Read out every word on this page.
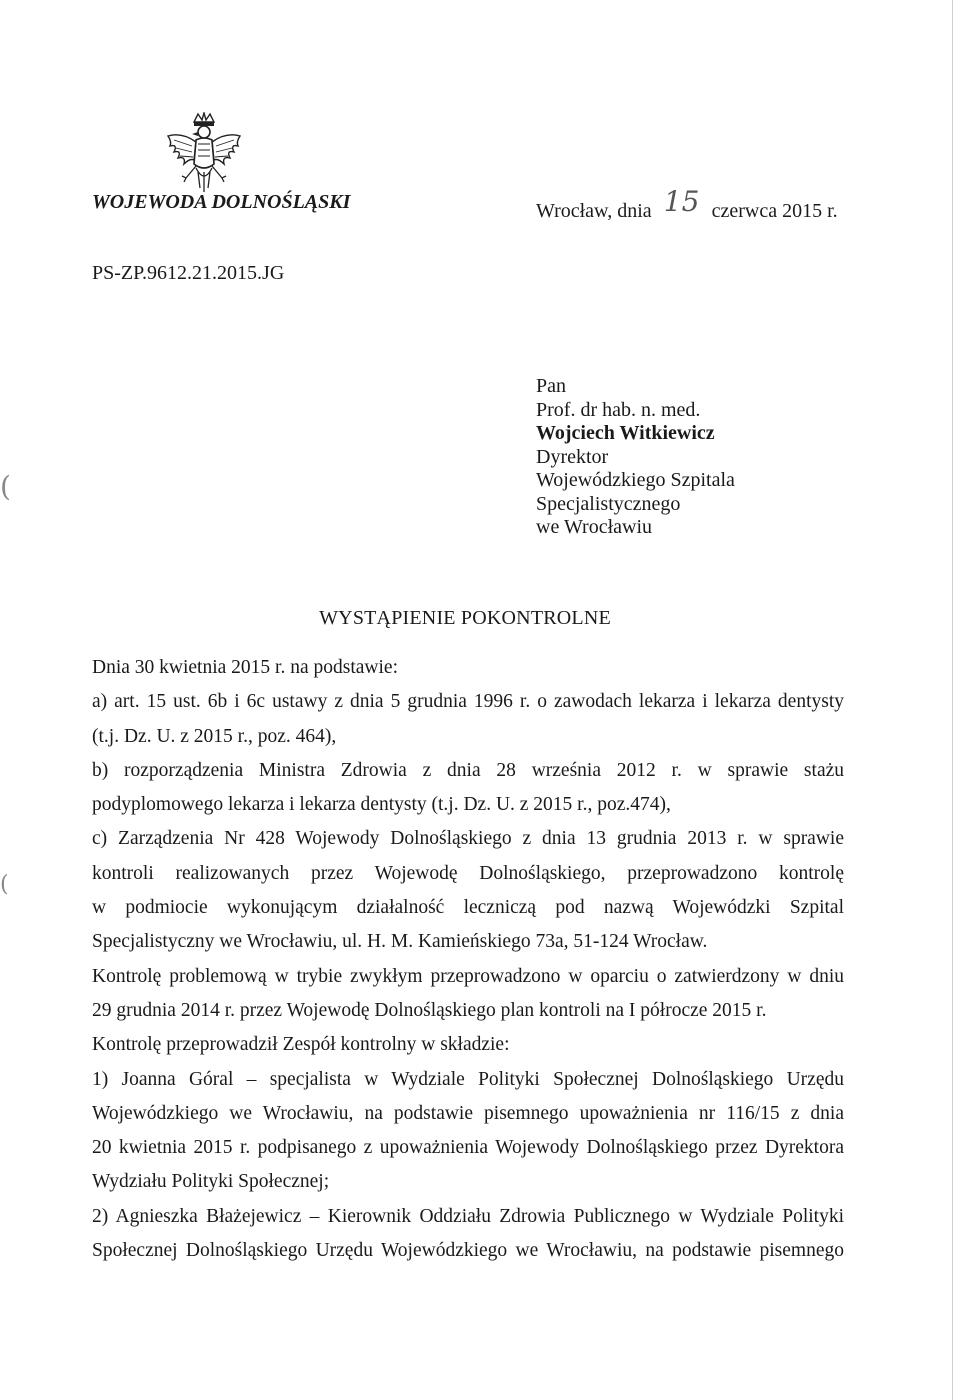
WOJEWODA DOLNOŚLĄSKI	Wrocław, dnia 15 czerwca 2015 r.
PS-ZP.9612.21.2015.JG
Pan
Prof. dr hab. n. med.
Wojciech Witkiewicz
Dyrektor
Wojewódzkiego Szpitala
Specjalistycznego
we Wrocławiu
WYSTĄPIENIE POKONTROLNE

Dnia 30 kwietnia 2015 r. na podstawie:

a) art. 15 ust. 6b i 6c ustawy z dnia 5 grudnia 1996 r. o zawodach lekarza i lekarza dentysty

(t.j. Dz. U. z 2015 r., poz. 464),

b) rozporządzenia Ministra Zdrowia z dnia 28 września 2012 r. w sprawie stażu

podyplomowego lekarza i lekarza dentysty (t.j. Dz. U. z 2015 r., poz.474),

c) Zarządzenia Nr 428 Wojewody Dolnośląskiego z dnia 13 grudnia 2013 r. w sprawie

kontroli realizowanych przez Wojewodę Dolnośląskiego, przeprowadzono kontrolę

w podmiocie wykonującym działalność leczniczą pod nazwą Wojewódzki Szpital

Specjalistyczny we Wrocławiu, ul. H. M. Kamieńskiego 73a, 51-124 Wrocław.

Kontrolę problemową w trybie zwykłym przeprowadzono w oparciu o zatwierdzony w dniu

29 grudnia 2014 r. przez Wojewodę Dolnośląskiego plan kontroli na I półrocze 2015 r.

Kontrolę przeprowadził Zespół kontrolny w składzie:

1) Joanna Góral – specjalista w Wydziale Polityki Społecznej Dolnośląskiego Urzędu

Wojewódzkiego we Wrocławiu, na podstawie pisemnego upoważnienia nr 116/15 z dnia

20 kwietnia 2015 r. podpisanego z upoważnienia Wojewody Dolnośląskiego przez Dyrektora

Wydziału Polityki Społecznej;

2) Agnieszka Błażejewicz – Kierownik Oddziału Zdrowia Publicznego w Wydziale Polityki

Społecznej Dolnośląskiego Urzędu Wojewódzkiego we Wrocławiu, na podstawie pisemnego

(
(
